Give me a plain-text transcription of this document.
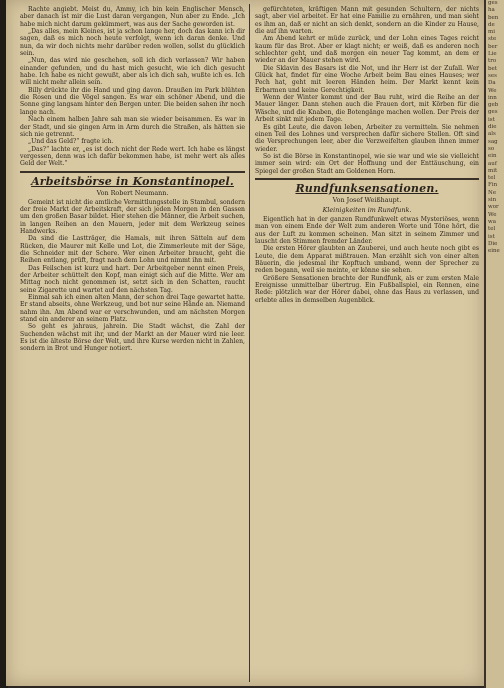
Rachte angiebt. Meist du, Ammy, ich bin kein Englischer Mensch, aber danach ist mir die Lust daran vergangen, Nun aber zu Ende. „Ich habe mich nicht darum gekümmert, was aus der Sache geworden ist.

„Das alles, mein Kleines, ist ja schon lange her, doch das kann ich dir sagen, daß es mich noch heute verfolgt, wenn ich daran denke. Und nun, da wir doch nichts mehr darüber reden wollen, sollst du glücklich sein.

„Nun, das wird nie geschehen, soll ich dich verlassen? Wir haben einander gefunden, und du hast mich gesucht, wie ich dich gesucht habe. Ich habe es nicht gewußt, aber als ich dich sah, wußte ich es. Ich will nicht mehr allein sein.

Billy drückte ihr die Hand und ging davon. Draußen im Park blühten die Rosen und die Vögel sangen. Es war ein schöner Abend, und die Sonne ging langsam hinter den Bergen unter. Die beiden sahen ihr noch lange nach.

Nach einem halben Jahre sah man sie wieder beisammen. Es war in der Stadt, und sie gingen Arm in Arm durch die Straßen, als hätten sie sich nie getrennt.

„Und das Geld?“ fragte ich.

„Das?“ lachte er, „es ist doch nicht der Rede wert. Ich habe es längst vergessen, denn was ich dafür bekommen habe, ist mehr wert als alles Geld der Welt.“

Arbeitsbörse in Konstantinopel.
Von Robert Neumann.

Gemeint ist nicht die amtliche Vermittlungsstelle in Stambul, sondern der freie Markt der Arbeitskraft, der sich jeden Morgen in den Gassen um den großen Basar bildet. Hier stehen die Männer, die Arbeit suchen, in langen Reihen an den Mauern, jeder mit dem Werkzeug seines Handwerks.

Da sind die Lastträger, die Hamals, mit ihren Sätteln auf dem Rücken, die Maurer mit Kelle und Lot, die Zimmerleute mit der Säge, die Schneider mit der Schere. Wer einen Arbeiter braucht, geht die Reihen entlang, prüft, fragt nach dem Lohn und nimmt ihn mit.

Das Feilschen ist kurz und hart. Der Arbeitgeber nennt einen Preis, der Arbeiter schüttelt den Kopf, man einigt sich auf die Mitte. Wer am Mittag noch nicht genommen ist, setzt sich in den Schatten, raucht seine Zigarette und wartet auf den nächsten Tag.

Einmal sah ich einen alten Mann, der schon drei Tage gewartet hatte. Er stand abseits, ohne Werkzeug, und bot nur seine Hände an. Niemand nahm ihn. Am Abend war er verschwunden, und am nächsten Morgen stand ein anderer an seinem Platz.

So geht es jahraus, jahrein. Die Stadt wächst, die Zahl der Suchenden wächst mit ihr, und der Markt an der Mauer wird nie leer. Es ist die älteste Börse der Welt, und ihre Kurse werden nicht in Zahlen, sondern in Brot und Hunger notiert.

gefürchteten, kräftigen Mann mit gesunden Schultern, der nichts sagt, aber viel arbeitet. Er hat eine Familie zu ernähren, und man sieht es ihm an, daß er nicht an sich denkt, sondern an die Kinder zu Hause, die auf ihn warten.

Am Abend kehrt er müde zurück, und der Lohn eines Tages reicht kaum für das Brot. Aber er klagt nicht; er weiß, daß es anderen noch schlechter geht, und daß morgen ein neuer Tag kommt, an dem er wieder an der Mauer stehen wird.

Die Sklavin des Basars ist die Not, und ihr Herr ist der Zufall. Wer Glück hat, findet für eine Woche Arbeit beim Bau eines Hauses; wer Pech hat, geht mit leeren Händen heim. Der Markt kennt kein Erbarmen und keine Gerechtigkeit.

Wenn der Winter kommt und der Bau ruht, wird die Reihe an der Mauer länger. Dann stehen auch die Frauen dort, mit Körben für die Wäsche, und die Knaben, die Botengänge machen wollen. Der Preis der Arbeit sinkt mit jedem Tage.

Es gibt Leute, die davon leben, Arbeiter zu vermitteln. Sie nehmen einen Teil des Lohnes und versprechen dafür sichere Stellen. Oft sind die Versprechungen leer, aber die Verzweifelten glauben ihnen immer wieder.

So ist die Börse in Konstantinopel, wie sie war und wie sie vielleicht immer sein wird: ein Ort der Hoffnung und der Enttäuschung, ein Spiegel der großen Stadt am Goldenen Horn.

Rundfunksensationen.
Von Josef Weißhaupt.
Kleinigkeiten im Rundfunk.

Eigentlich hat in der ganzen Rundfunkwelt etwas Mysteriöses, wenn man von einem Ende der Welt zum anderen Worte und Töne hört, die aus der Luft zu kommen scheinen. Man sitzt in seinem Zimmer und lauscht den Stimmen fremder Länder.

Die ersten Hörer glaubten an Zauberei, und auch heute noch gibt es Leute, die dem Apparat mißtrauen. Man erzählt sich von einer alten Bäuerin, die jedesmal ihr Kopftuch umband, wenn der Sprecher zu reden begann, weil sie meinte, er könne sie sehen.

Größere Sensationen brachte der Rundfunk, als er zum ersten Male Ereignisse unmittelbar übertrug. Ein Fußballspiel, ein Rennen, eine Rede: plötzlich war der Hörer dabei, ohne das Haus zu verlassen, und erlebte alles in demselben Augenblick.

ges
ha
ben
de
mi
ste
ber
Lie
tro
bet
ses
Da
We
inn
geb
ges
ist
die
als
sag
so
ein
auf
mit
tel
Fin
Ne
sin
wor
We
wa
tel
ist
Die
eine
